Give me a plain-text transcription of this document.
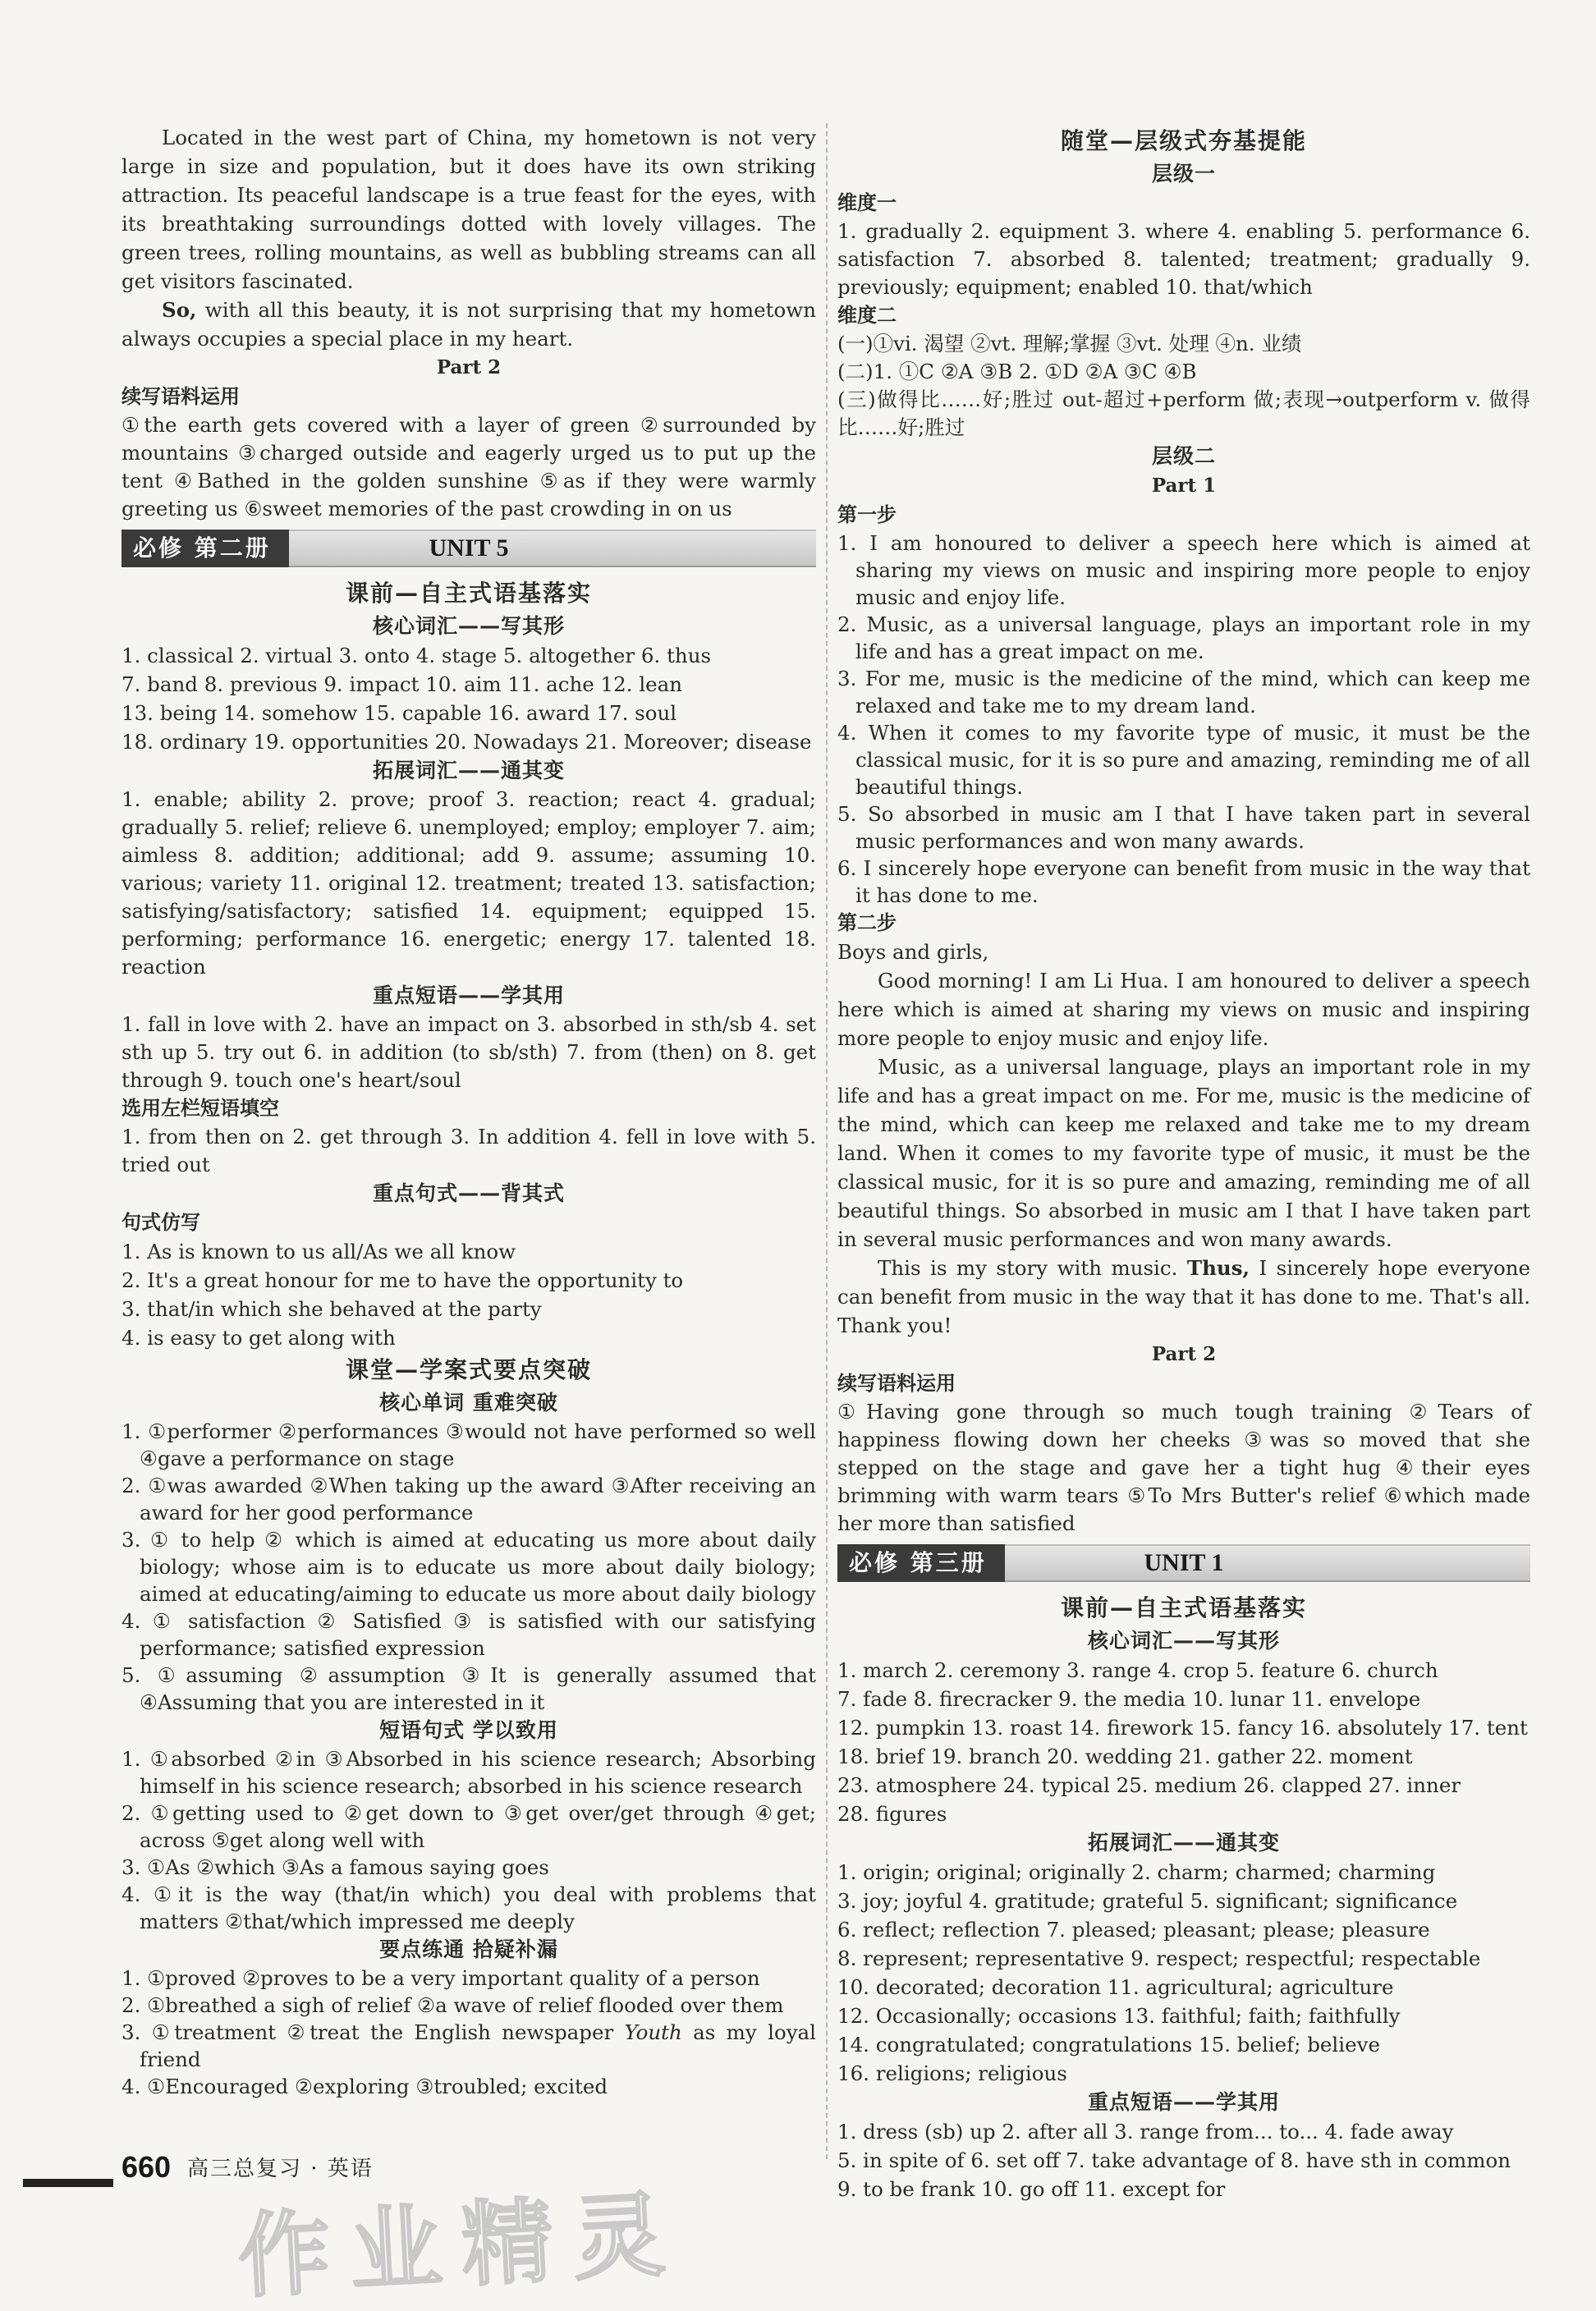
Located in the west part of China, my hometown is not very large in size and population, but it does have its own striking attraction. Its peaceful landscape is a true feast for the eyes, with its breathtaking surroundings dotted with lovely villages. The green trees, rolling mountains, as well as bubbling streams can all get visitors fascinated.

So, with all this beauty, it is not surprising that my hometown always occupies a special place in my heart.

Part 2
续写语料运用

①the earth gets covered with a layer of green ②surrounded by mountains ③charged outside and eagerly urged us to put up the tent ④Bathed in the golden sunshine ⑤as if they were warmly greeting us ⑥sweet memories of the past crowding in on us

UNIT 5
必修 第二册
课前—自主式语基落实
核心词汇——写其形
1. classical 2. virtual 3. onto 4. stage 5. altogether 6. thus
7. band 8. previous 9. impact 10. aim 11. ache 12. lean
13. being 14. somehow 15. capable 16. award 17. soul
18. ordinary 19. opportunities 20. Nowadays 21. Moreover; disease
拓展词汇——通其变

1. enable; ability 2. prove; proof 3. reaction; react 4. gradual; gradually 5. relief; relieve 6. unemployed; employ; employer 7. aim; aimless 8. addition; additional; add 9. assume; assuming 10. various; variety 11. original 12. treatment; treated 13. satisfaction; satisfying/satisfactory; satisfied 14. equipment; equipped 15. performing; performance 16. energetic; energy 17. talented 18. reaction

重点短语——学其用

1. fall in love with 2. have an impact on 3. absorbed in sth/sb 4. set sth up 5. try out 6. in addition (to sb/sth) 7. from (then) on 8. get through 9. touch one's heart/soul

选用左栏短语填空

1. from then on 2. get through 3. In addition 4. fell in love with 5. tried out

重点句式——背其式
句式仿写
1. As is known to us all/As we all know
2. It's a great honour for me to have the opportunity to
3. that/in which she behaved at the party
4. is easy to get along with
课堂—学案式要点突破
核心单词 重难突破

1. ①performer ②performances ③would not have performed so well ④gave a performance on stage

2. ①was awarded ②When taking up the award ③After receiving an award for her good performance

3. ① to help ② which is aimed at educating us more about daily biology; whose aim is to educate us more about daily biology; aimed at educating/aiming to educate us more about daily biology

4. ① satisfaction ② Satisfied ③ is satisfied with our satisfying performance; satisfied expression

5. ①assuming ②assumption ③It is generally assumed that ④Assuming that you are interested in it

短语句式 学以致用

1. ①absorbed ②in ③Absorbed in his science research; Absorbing himself in his science research; absorbed in his science research

2. ①getting used to ②get down to ③get over/get through ④get; across ⑤get along well with

3. ①As ②which ③As a famous saying goes

4. ①it is the way (that/in which) you deal with problems that matters ②that/which impressed me deeply

要点练通 拾疑补漏

1. ①proved ②proves to be a very important quality of a person

2. ①breathed a sigh of relief ②a wave of relief flooded over them

3. ①treatment ②treat the English newspaper Youth as my loyal friend

4. ①Encouraged ②exploring ③troubled; excited

随堂—层级式夯基提能
层级一
维度一

1. gradually 2. equipment 3. where 4. enabling 5. performance 6. satisfaction 7. absorbed 8. talented; treatment; gradually 9. previously; equipment; enabled 10. that/which

维度二

(一)①vi. 渴望 ②vt. 理解;掌握 ③vt. 处理 ④n. 业绩

(二)1. ①C ②A ③B 2. ①D ②A ③C ④B

(三)做得比……好;胜过 out-超过+perform 做;表现→outperform v. 做得比……好;胜过

层级二
Part 1
第一步

1. I am honoured to deliver a speech here which is aimed at sharing my views on music and inspiring more people to enjoy music and enjoy life.

2. Music, as a universal language, plays an important role in my life and has a great impact on me.

3. For me, music is the medicine of the mind, which can keep me relaxed and take me to my dream land.

4. When it comes to my favorite type of music, it must be the classical music, for it is so pure and amazing, reminding me of all beautiful things.

5. So absorbed in music am I that I have taken part in several music performances and won many awards.

6. I sincerely hope everyone can benefit from music in the way that it has done to me.

第二步

Boys and girls,

Good morning! I am Li Hua. I am honoured to deliver a speech here which is aimed at sharing my views on music and inspiring more people to enjoy music and enjoy life.

Music, as a universal language, plays an important role in my life and has a great impact on me. For me, music is the medicine of the mind, which can keep me relaxed and take me to my dream land. When it comes to my favorite type of music, it must be the classical music, for it is so pure and amazing, reminding me of all beautiful things. So absorbed in music am I that I have taken part in several music performances and won many awards.

This is my story with music. Thus, I sincerely hope everyone can benefit from music in the way that it has done to me. That's all. Thank you!

Part 2
续写语料运用

①Having gone through so much tough training ②Tears of happiness flowing down her cheeks ③was so moved that she stepped on the stage and gave her a tight hug ④their eyes brimming with warm tears ⑤To Mrs Butter's relief ⑥which made her more than satisfied

UNIT 1
必修 第三册
课前—自主式语基落实
核心词汇——写其形
1. march 2. ceremony 3. range 4. crop 5. feature 6. church
7. fade 8. firecracker 9. the media 10. lunar 11. envelope
12. pumpkin 13. roast 14. firework 15. fancy 16. absolutely 17. tent
18. brief 19. branch 20. wedding 21. gather 22. moment
23. atmosphere 24. typical 25. medium 26. clapped 27. inner
28. figures
拓展词汇——通其变
1. origin; original; originally 2. charm; charmed; charming
3. joy; joyful 4. gratitude; grateful 5. significant; significance
6. reflect; reflection 7. pleased; pleasant; please; pleasure
8. represent; representative 9. respect; respectful; respectable
10. decorated; decoration 11. agricultural; agriculture
12. Occasionally; occasions 13. faithful; faith; faithfully
14. congratulated; congratulations 15. belief; believe
16. religions; religious
重点短语——学其用
1. dress (sb) up 2. after all 3. range from... to... 4. fade away
5. in spite of 6. set off 7. take advantage of 8. have sth in common
9. to be frank 10. go off 11. except for
660 高三总复习 · 英语
作业精灵
